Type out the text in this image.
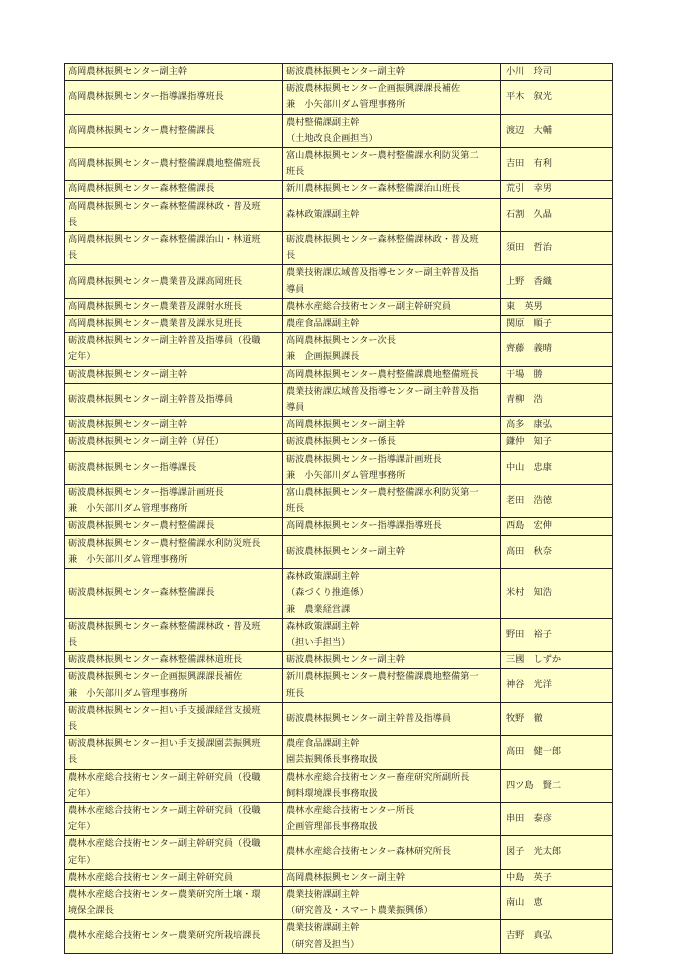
高岡農林振興センター副主幹	砺波農林振興センター副主幹	小川　玲司

高岡農林振興センター指導課指導班長	砺波農林振興センター企画振興課課長補佐
兼　小矢部川ダム管理事務所	平木　叙光

高岡農林振興センター農村整備課長	農村整備課副主幹
（土地改良企画担当）	渡辺　大輔

高岡農林振興センター農村整備課農地整備班長	富山農林振興センター農村整備課水利防災第二
班長	吉田　有利

高岡農林振興センター森林整備課長	新川農林振興センター森林整備課治山班長	荒引　幸男

高岡農林振興センター森林整備課林政・普及班
長	森林政策課副主幹	石割　久晶

高岡農林振興センター森林整備課治山・林道班
長	砺波農林振興センター森林整備課林政・普及班
長	須田　哲治

高岡農林振興センター農業普及課高岡班長	農業技術課広域普及指導センター副主幹普及指
導員	上野　香織

高岡農林振興センター農業普及課射水班長	農林水産総合技術センター副主幹研究員	東　英男

高岡農林振興センター農業普及課氷見班長	農産食品課副主幹	関原　順子

砺波農林振興センター副主幹普及指導員（役職
定年）	高岡農林振興センター次長
兼　企画振興課長	齊藤　義晴

砺波農林振興センター副主幹	高岡農林振興センター農村整備課農地整備班長	干場　勝

砺波農林振興センター副主幹普及指導員	農業技術課広域普及指導センター副主幹普及指
導員	青柳　浩

砺波農林振興センター副主幹	高岡農林振興センター副主幹	高多　康弘

砺波農林振興センター副主幹（昇任）	砺波農林振興センター係長	鎌仲　知子

砺波農林振興センター指導課長	砺波農林振興センター指導課計画班長
兼　小矢部川ダム管理事務所	中山　忠康

砺波農林振興センター指導課計画班長
兼　小矢部川ダム管理事務所	富山農林振興センター農村整備課水利防災第一
班長	老田　浩徳

砺波農林振興センター農村整備課長	高岡農林振興センター指導課指導班長	西島　宏伸

砺波農林振興センター農村整備課水利防災班長
兼　小矢部川ダム管理事務所	砺波農林振興センター副主幹	高田　秋奈

砺波農林振興センター森林整備課長	森林政策課副主幹
（森づくり推進係）
兼　農業経営課	米村　知浩

砺波農林振興センター森林整備課林政・普及班
長	森林政策課副主幹
（担い手担当）	野田　裕子

砺波農林振興センター森林整備課林道班長	砺波農林振興センター副主幹	三國　しずか

砺波農林振興センター企画振興課課長補佐
兼　小矢部川ダム管理事務所	新川農林振興センター農村整備課農地整備第一
班長	神谷　光洋

砺波農林振興センター担い手支援課経営支援班
長	砺波農林振興センター副主幹普及指導員	牧野　徹

砺波農林振興センター担い手支援課園芸振興班
長	農産食品課副主幹
園芸振興係長事務取扱	高田　健一郎

農林水産総合技術センター副主幹研究員（役職
定年）	農林水産総合技術センター畜産研究所副所長
飼料環境課長事務取扱	四ツ島　賢二

農林水産総合技術センター副主幹研究員（役職
定年）	農林水産総合技術センター所長
企画管理部長事務取扱	串田　泰彦

農林水産総合技術センター副主幹研究員（役職
定年）	農林水産総合技術センター森林研究所長	図子　光太郎

農林水産総合技術センター副主幹研究員	高岡農林振興センター副主幹	中島　英子

農林水産総合技術センター農業研究所土壌・環
境保全課長	農業技術課副主幹
（研究普及・スマート農業振興係）	南山　恵

農林水産総合技術センター農業研究所栽培課長	農業技術課副主幹
（研究普及担当）	吉野　真弘
